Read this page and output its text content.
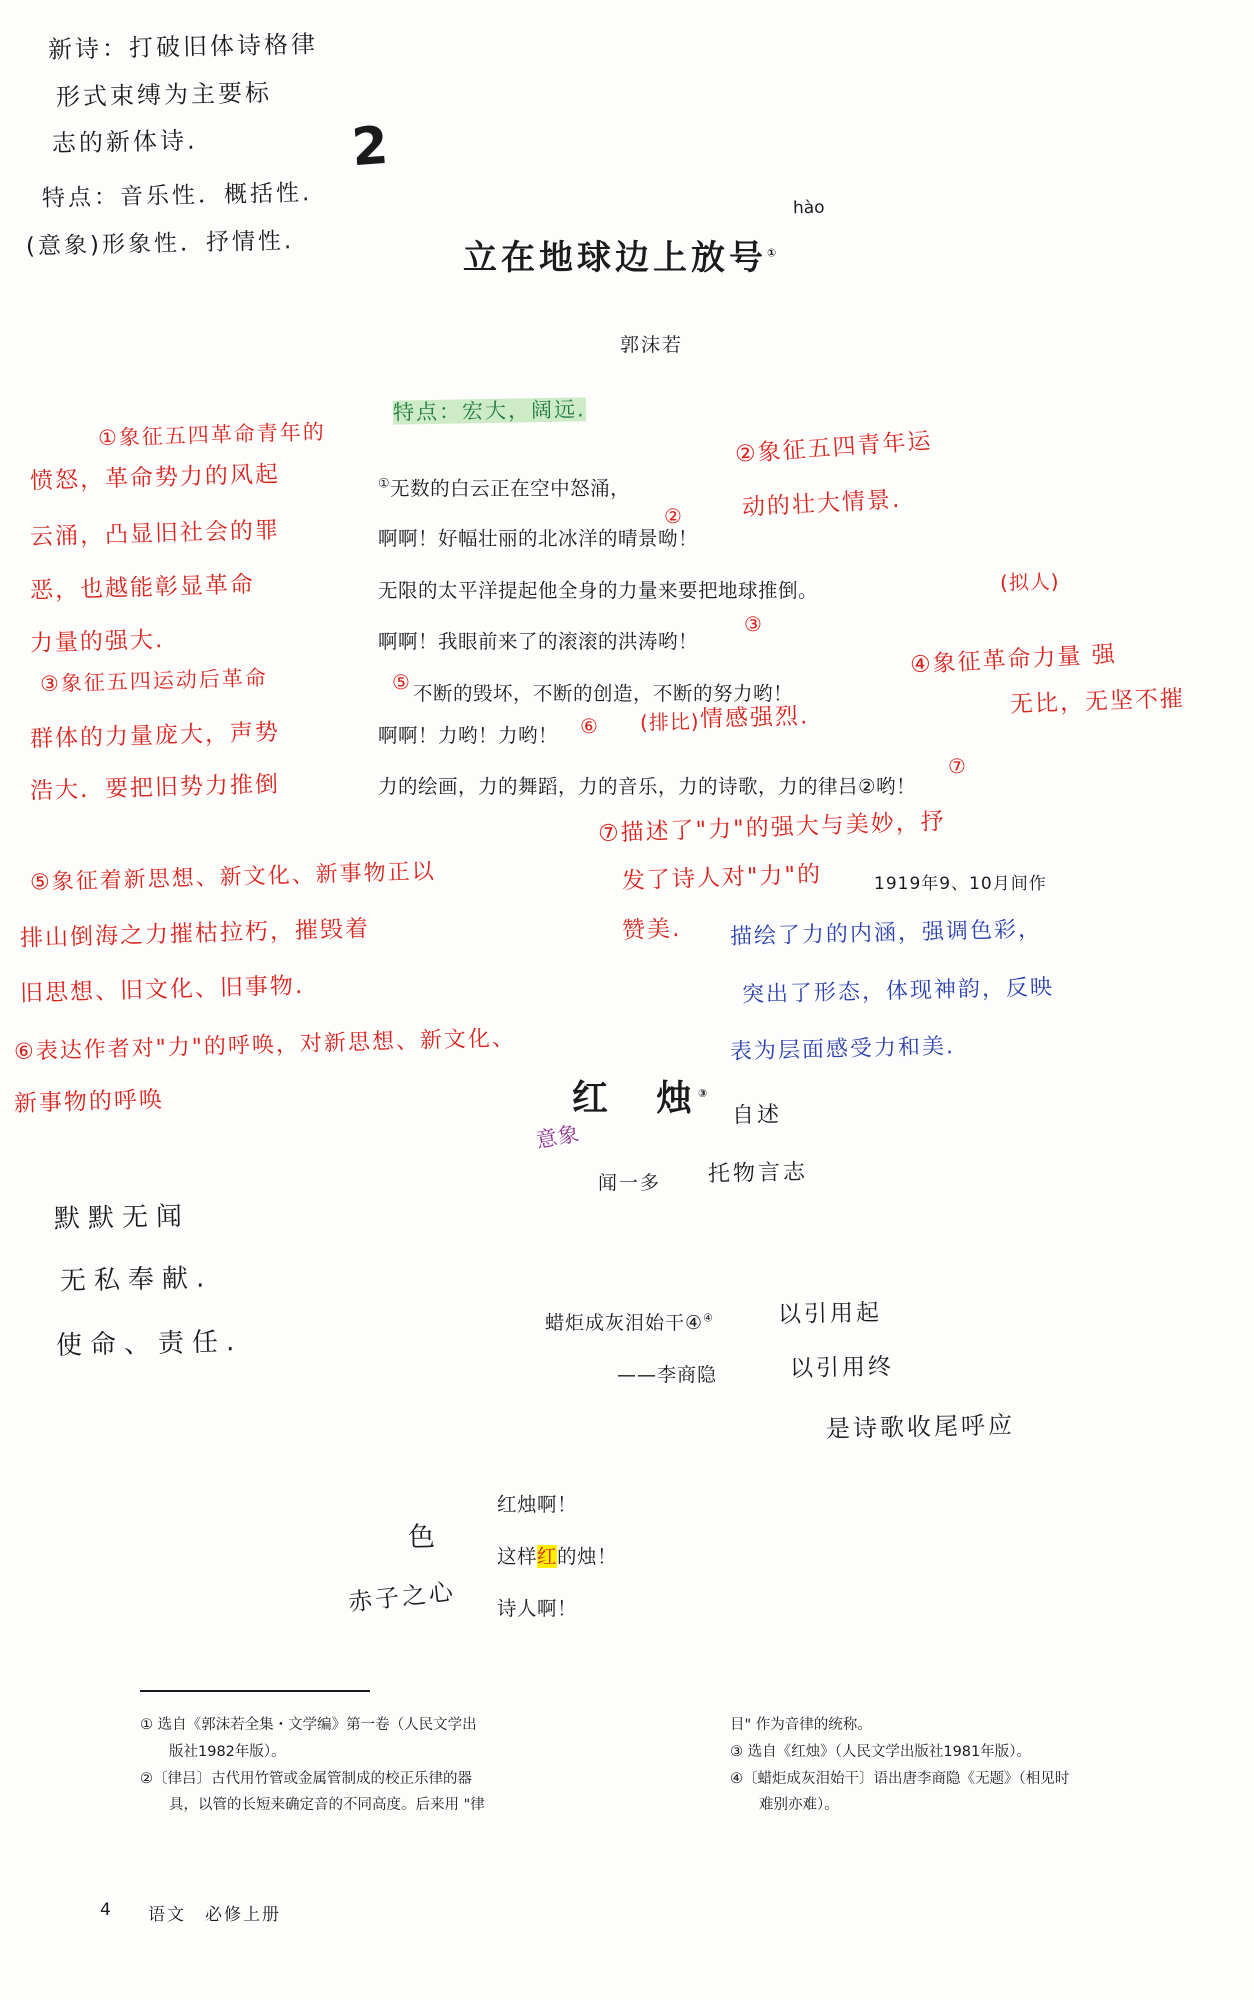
新诗：打破旧体诗格律
形式束缚为主要标
志的新体诗.	2
特点：音乐性．概括性.
(意象)形象性．抒情性.	立在地球边上放号①
hào
郭沫若
特点：宏大，阔远.
①象征五四革命青年的
愤怒，革命势力的风起
云涌，凸显旧社会的罪
恶，也越能彰显革命
力量的强大.
②象征五四青年运
动的壮大情景.
①无数的白云正在空中怒涌，
啊啊！好幅壮丽的北冰洋的晴景呦！
②
无限的太平洋提起他全身的力量来要把地球推倒。	(拟人)
啊啊！我眼前来了的滚滚的洪涛哟！
③
不断的毁坏，不断的创造，不断的努力哟！
⑤
啊啊！力哟！力哟！ ⑥ (排比) 情感强烈.
力的绘画，力的舞蹈，力的音乐，力的诗歌，力的律吕②哟！
⑦
③象征五四运动后革命
群体的力量庞大，声势
浩大．要把旧势力推倒
④象征革命力量 强
无比，无坚不摧
⑤象征着新思想、新文化、新事物正以
排山倒海之力摧枯拉朽，摧毁着
旧思想、旧文化、旧事物.
⑥表达作者对"力"的呼唤，对新思想、新文化、
新事物的呼唤
⑦描述了"力"的强大与美妙，抒
发了诗人对"力"的
赞美.
1919年9、10月间作
描绘了力的内涵，强调色彩，
突出了形态，体现神韵，反映
表为层面感受力和美.
红　烛③
意象
自述
闻一多 托物言志
默默无闻
无私奉献.
使命、责任.
蜡炬成灰泪始干④④	以引用起
——李商隐	以引用终
是诗歌收尾呼应
红烛啊！
这样红的烛！
诗人啊！
色
赤子之心
① 选自《郭沫若全集・文学编》第一卷（人民文学出
　　版社1982年版）。
②〔律吕〕古代用竹管或金属管制成的校正乐律的器
　　具，以管的长短来确定音的不同高度。后来用 "律
目" 作为音律的统称。
③ 选自《红烛》（人民文学出版社1981年版）。
④〔蜡炬成灰泪始干〕语出唐李商隐《无题》（相见时
　　难别亦难）。
4 语文　必修上册
